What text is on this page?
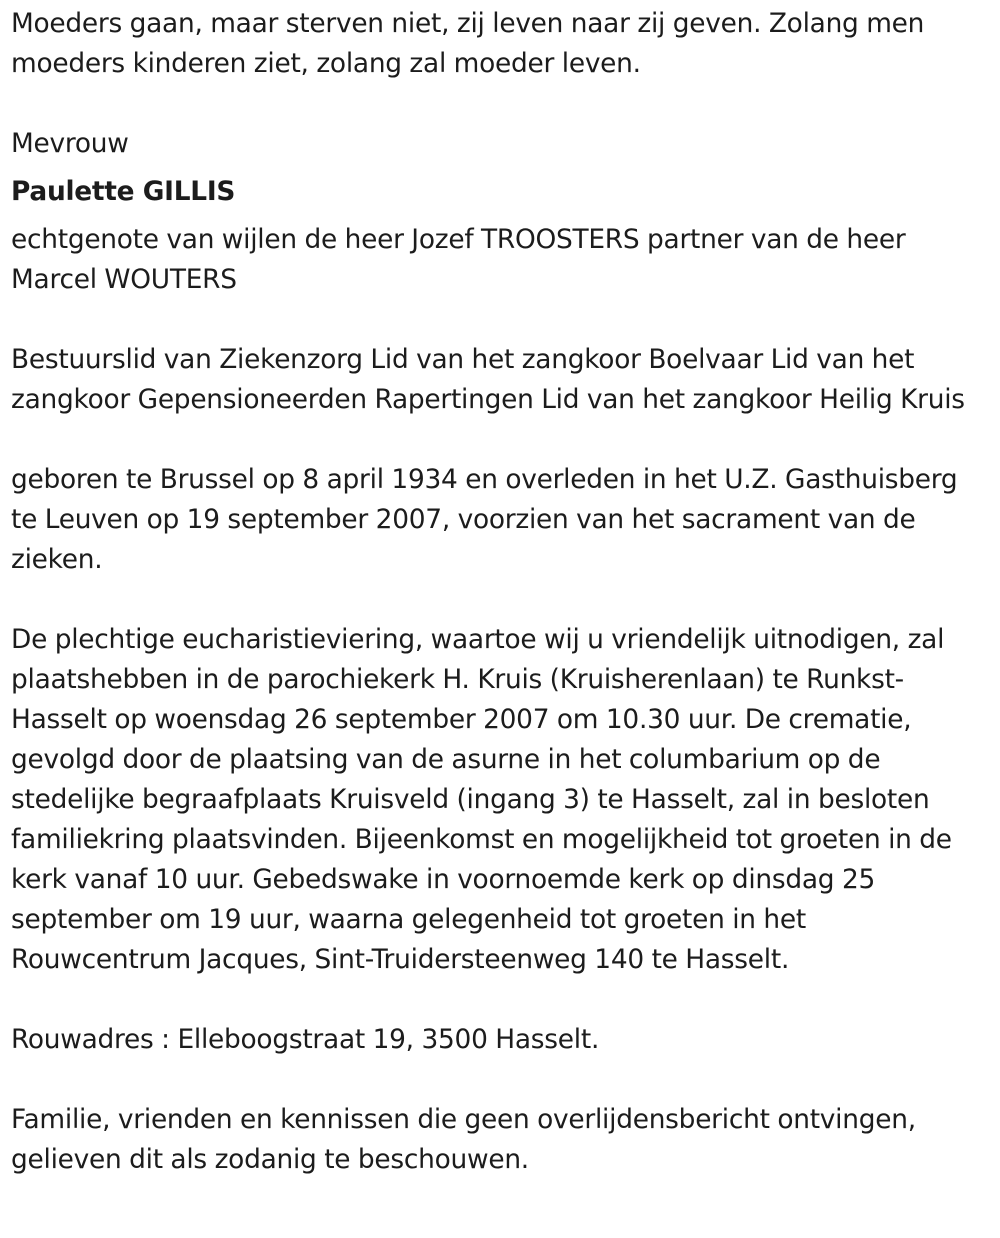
Moeders gaan, maar sterven niet, zij leven naar zij geven. Zolang men moeders kinderen ziet, zolang zal moeder leven.

Mevrouw

Paulette GILLIS

echtgenote van wijlen de heer Jozef TROOSTERS partner van de heer Marcel WOUTERS

Bestuurslid van Ziekenzorg Lid van het zangkoor Boelvaar Lid van het zangkoor Gepensioneerden Rapertingen Lid van het zangkoor Heilig Kruis

geboren te Brussel op 8 april 1934 en overleden in het U.Z. Gasthuisberg te Leuven op 19 september 2007, voorzien van het sacrament van de zieken.

De plechtige eucharistieviering, waartoe wij u vriendelijk uitnodigen, zal plaatshebben in de parochiekerk H. Kruis (Kruisherenlaan) te Runkst-Hasselt op woensdag 26 september 2007 om 10.30 uur. De crematie, gevolgd door de plaatsing van de asurne in het columbarium op de stedelijke begraafplaats Kruisveld (ingang 3) te Hasselt, zal in besloten familiekring plaatsvinden. Bijeenkomst en mogelijkheid tot groeten in de kerk vanaf 10 uur. Gebedswake in voornoemde kerk op dinsdag 25 september om 19 uur, waarna gelegenheid tot groeten in het Rouwcentrum Jacques, Sint-Truidersteenweg 140 te Hasselt.

Rouwadres : Elleboogstraat 19, 3500 Hasselt.

Familie, vrienden en kennissen die geen overlijdensbericht ontvingen, gelieven dit als zodanig te beschouwen.
